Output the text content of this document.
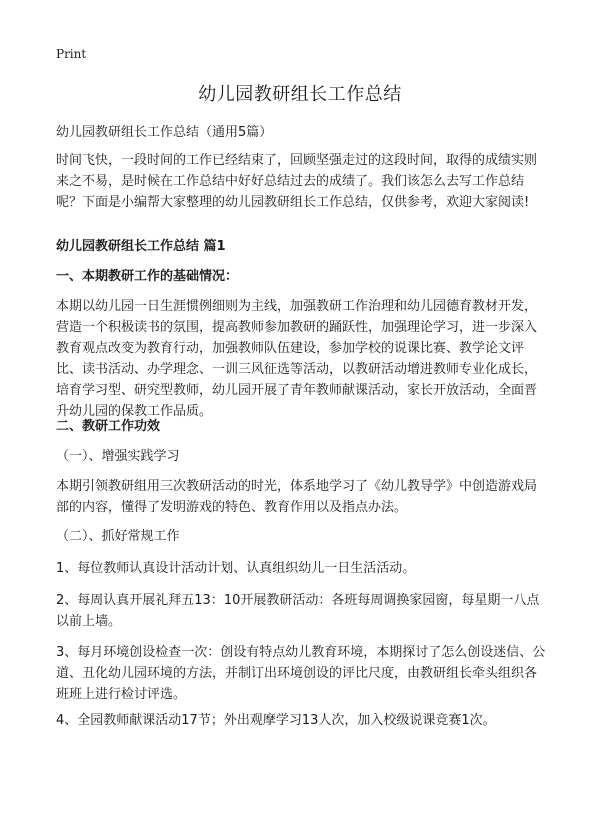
Print
幼儿园教研组长工作总结

幼儿园教研组长工作总结（通用5篇）

时间飞快，一段时间的工作已经结束了，回顾坚强走过的这段时间，取得的成绩实则来之不易，是时候在工作总结中好好总结过去的成绩了。我们该怎么去写工作总结呢？下面是小编帮大家整理的幼儿园教研组长工作总结，仅供参考，欢迎大家阅读!

幼儿园教研组长工作总结 篇1

一、本期教研工作的基础情况：

本期以幼儿园一日生涯惯例细则为主线，加强教研工作治理和幼儿园德育教材开发，营造一个积极读书的氛围，提高教师参加教研的踊跃性，加强理论学习，进一步深入教育观点改变为教育行动，加强教师队伍建设，参加学校的说课比赛、教学论文评比、读书活动、办学理念、一训三风征选等活动，以教研活动增进教师专业化成长，培育学习型、研究型教师，幼儿园开展了青年教师献课活动，家长开放活动，全面晋升幼儿园的保教工作品质。

二、教研工作功效

（一）、增强实践学习

本期引领教研组用三次教研活动的时光，体系地学习了《幼儿教导学》中创造游戏局部的内容，懂得了发明游戏的特色、教育作用以及指点办法。

（二）、抓好常规工作

1、每位教师认真设计活动计划、认真组织幼儿一日生活活动。

2、每周认真开展礼拜五13：10开展教研活动：各班每周调换家园窗，每星期一八点以前上墙。

3、每月环境创设检查一次：创设有特点幼儿教育环境，本期探讨了怎么创设迷信、公道、丑化幼儿园环境的方法，并制订出环境创设的评比尺度，由教研组长牵头组织各班班上进行检讨评选。

4、全园教师献课活动17节；外出观摩学习13人次，加入校级说课竞赛1次。
